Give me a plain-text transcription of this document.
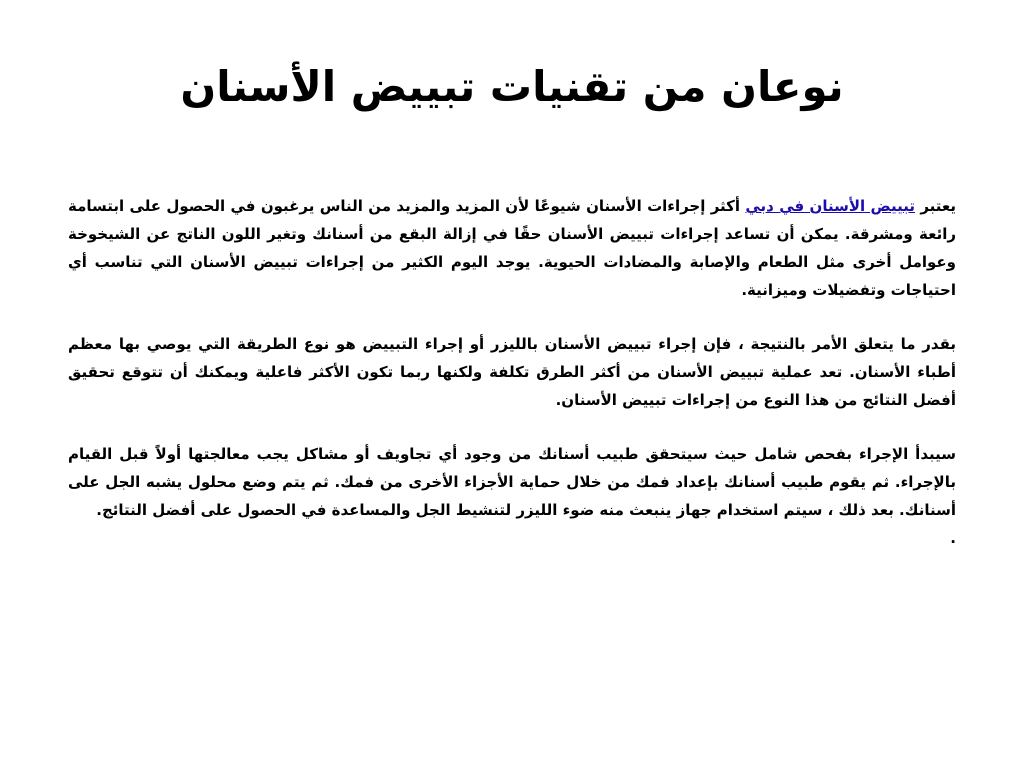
نوعان من تقنيات تبييض الأسنان

يعتبر تبييض الأسنان في دبي أكثر إجراءات الأسنان شيوعًا لأن المزيد والمزيد من الناس يرغبون في الحصول على ابتسامة رائعة ومشرقة. يمكن أن تساعد إجراءات تبييض الأسنان حقًا في إزالة البقع من أسنانك وتغير اللون الناتج عن الشيخوخة وعوامل أخرى مثل الطعام والإصابة والمضادات الحيوية. يوجد اليوم الكثير من إجراءات تبييض الأسنان التي تناسب أي احتياجات وتفضيلات وميزانية.

بقدر ما يتعلق الأمر بالنتيجة ، فإن إجراء تبييض الأسنان بالليزر أو إجراء التبييض هو نوع الطريقة التي يوصي بها معظم أطباء الأسنان. تعد عملية تبييض الأسنان من أكثر الطرق تكلفة ولكنها ربما تكون الأكثر فاعلية ويمكنك أن تتوقع تحقيق أفضل النتائج من هذا النوع من إجراءات تبييض الأسنان.

سيبدأ الإجراء بفحص شامل حيث سيتحقق طبيب أسنانك من وجود أي تجاويف أو مشاكل يجب معالجتها أولاً قبل القيام بالإجراء. ثم يقوم طبيب أسنانك بإعداد فمك من خلال حماية الأجزاء الأخرى من فمك. ثم يتم وضع محلول يشبه الجل على أسنانك. بعد ذلك ، سيتم استخدام جهاز ينبعث منه ضوء الليزر لتنشيط الجل والمساعدة في الحصول على أفضل النتائج.

.
